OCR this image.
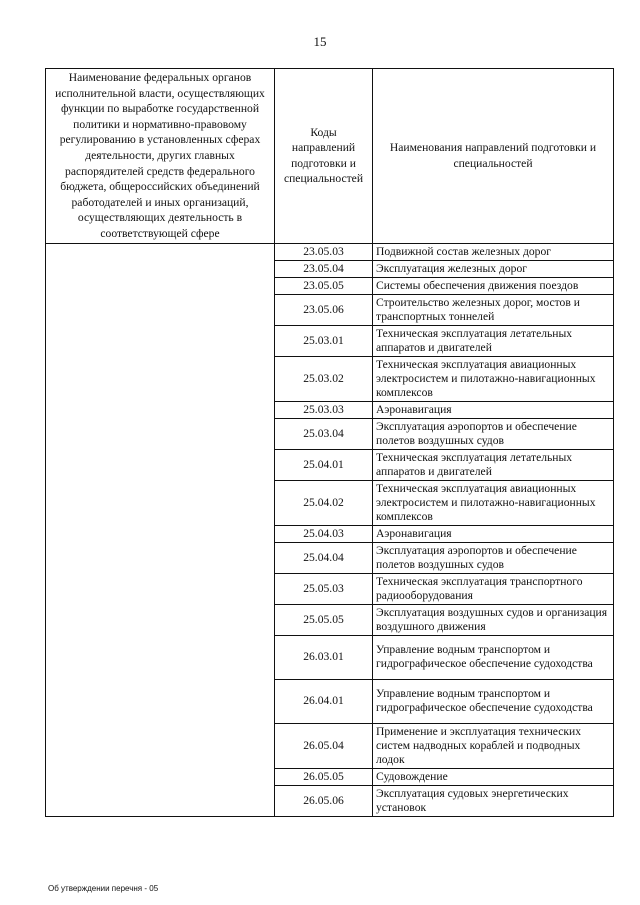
15
Наименование федеральных органов исполнительной власти, осуществляющих функции по выработке государственной политики и нормативно-правовому регулированию в установленных сферах деятельности, других главных распорядителей средств федерального бюджета, общероссийских объединений работодателей и иных организаций, осуществляющих деятельность в соответствующей сфере	Коды направлений подготовки и специальностей	Наименования направлений подготовки и специальностей
	23.05.03	Подвижной состав железных дорог
	23.05.04	Эксплуатация железных дорог
	23.05.05	Системы обеспечения движения поездов
	23.05.06	Строительство железных дорог, мостов и транспортных тоннелей
	25.03.01	Техническая эксплуатация летательных аппаратов и двигателей
	25.03.02	Техническая эксплуатация авиационных электросистем и пилотажно-навигационных комплексов
	25.03.03	Аэронавигация
	25.03.04	Эксплуатация аэропортов и обеспечение полетов воздушных судов
	25.04.01	Техническая эксплуатация летательных аппаратов и двигателей
	25.04.02	Техническая эксплуатация авиационных электросистем и пилотажно-навигационных комплексов
	25.04.03	Аэронавигация
	25.04.04	Эксплуатация аэропортов и обеспечение полетов воздушных судов
	25.05.03	Техническая эксплуатация транспортного радиооборудования
	25.05.05	Эксплуатация воздушных судов и организация воздушного движения
	26.03.01	Управление водным транспортом и гидрографическое обеспечение судоходства
	26.04.01	Управление водным транспортом и гидрографическое обеспечение судоходства
	26.05.04	Применение и эксплуатация технических систем надводных кораблей и подводных лодок
	26.05.05	Судовождение
	26.05.06	Эксплуатация судовых энергетических установок
Об утверждении перечня - 05
